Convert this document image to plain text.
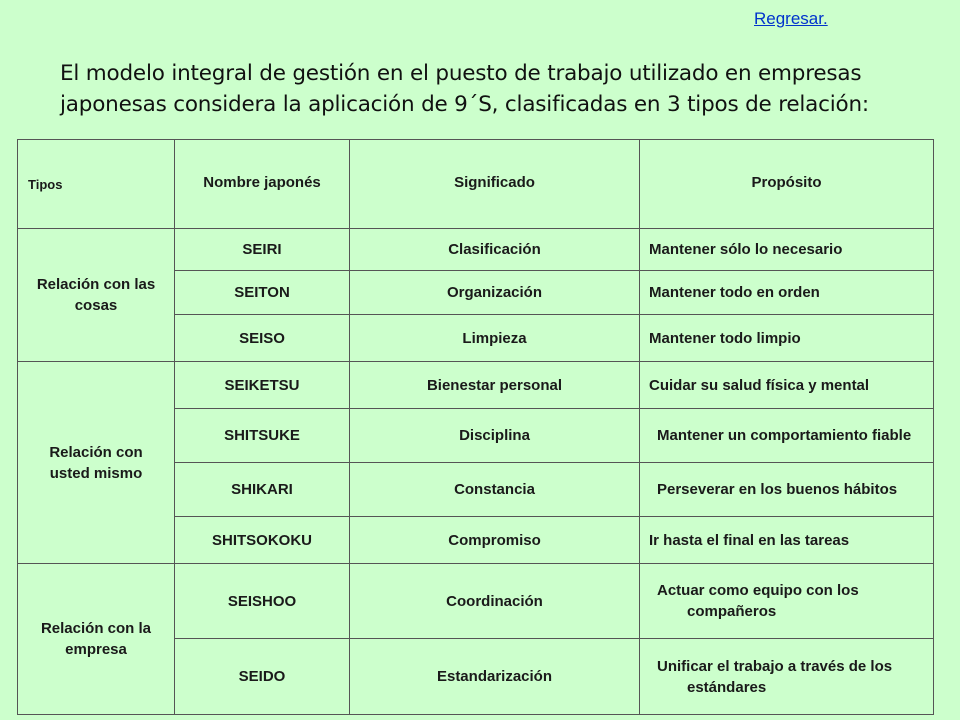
Regresar.

El modelo integral de gestión en el puesto de trabajo utilizado en empresas japonesas considera la aplicación de 9´S, clasificadas en 3 tipos de relación:

Tipos	Nombre japonés	Significado	Propósito
Relación con las cosas	SEIRI	Clasificación	Mantener sólo lo necesario
	SEITON	Organización	Mantener todo en orden
	SEISO	Limpieza	Mantener todo limpio
Relación con usted mismo	SEIKETSU	Bienestar personal	Cuidar su salud física y mental
	SHITSUKE	Disciplina	Mantener un comportamiento fiable

	SHIKARI	Constancia	Perseverar en los buenos hábitos

	SHITSOKOKU	Compromiso	Ir hasta el final en las tareas
Relación con la empresa	SEISHOO	Coordinación	Actuar como equipo con los compañeros

	SEIDO	Estandarización	Unificar el trabajo a través de los estándares
